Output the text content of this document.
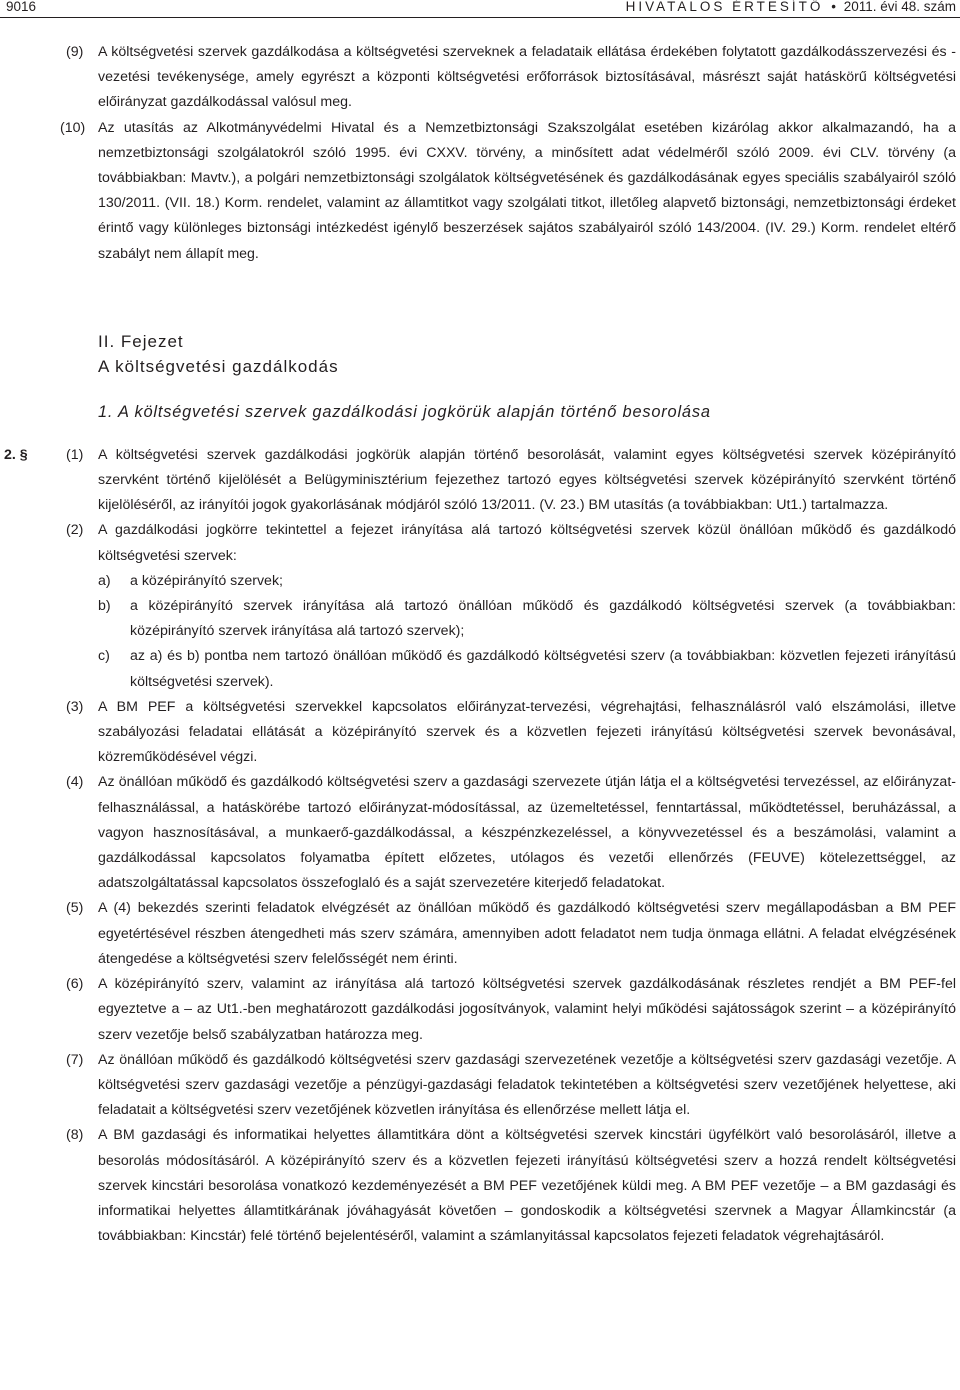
9016	HIVATALOS ÉRTESÍTŐ • 2011. évi 48. szám
(9) A költségvetési szervek gazdálkodása a költségvetési szerveknek a feladataik ellátása érdekében folytatott gazdálkodásszervezési és -vezetési tevékenysége, amely egyrészt a központi költségvetési erőforrások biztosításával, másrészt saját hatáskörű költségvetési előirányzat gazdálkodással valósul meg.
(10) Az utasítás az Alkotmányvédelmi Hivatal és a Nemzetbiztonsági Szakszolgálat esetében kizárólag akkor alkalmazandó, ha a nemzetbiztonsági szolgálatokról szóló 1995. évi CXXV. törvény, a minősített adat védelméről szóló 2009. évi CLV. törvény (a továbbiakban: Mavtv.), a polgári nemzetbiztonsági szolgálatok költségvetésének és gazdálkodásának egyes speciális szabályairól szóló 130/2011. (VII. 18.) Korm. rendelet, valamint az államtitkot vagy szolgálati titkot, illetőleg alapvető biztonsági, nemzetbiztonsági érdeket érintő vagy különleges biztonsági intézkedést igénylő beszerzések sajátos szabályairól szóló 143/2004. (IV. 29.) Korm. rendelet eltérő szabályt nem állapít meg.
II. Fejezet
A költségvetési gazdálkodás
1. A költségvetési szervek gazdálkodási jogkörük alapján történő besorolása
2. §	(1) A költségvetési szervek gazdálkodási jogkörük alapján történő besorolását, valamint egyes költségvetési szervek középirányító szervként történő kijelölését a Belügyminisztérium fejezethez tartozó egyes költségvetési szervek középirányító szervként történő kijelöléséről, az irányítói jogok gyakorlásának módjáról szóló 13/2011. (V. 23.) BM utasítás (a továbbiakban: Ut1.) tartalmazza.
(2) A gazdálkodási jogkörre tekintettel a fejezet irányítása alá tartozó költségvetési szervek közül önállóan működő és gazdálkodó költségvetési szervek:
a) a középirányító szervek;
b) a középirányító szervek irányítása alá tartozó önállóan működő és gazdálkodó költségvetési szervek (a továbbiakban: középirányító szervek irányítása alá tartozó szervek);
c) az a) és b) pontba nem tartozó önállóan működő és gazdálkodó költségvetési szerv (a továbbiakban: közvetlen fejezeti irányítású költségvetési szervek).
(3) A BM PEF a költségvetési szervekkel kapcsolatos előirányzat-tervezési, végrehajtási, felhasználásról való elszámolási, illetve szabályozási feladatai ellátását a középirányító szervek és a közvetlen fejezeti irányítású költségvetési szervek bevonásával, közreműködésével végzi.
(4) Az önállóan működő és gazdálkodó költségvetési szerv a gazdasági szervezete útján látja el a költségvetési tervezéssel, az előirányzat-felhasználással, a hatáskörébe tartozó előirányzat-módosítással, az üzemeltetéssel, fenntartással, működtetéssel, beruházással, a vagyon hasznosításával, a munkaerő-gazdálkodással, a készpénzkezeléssel, a könyvvezetéssel és a beszámolási, valamint a gazdálkodással kapcsolatos folyamatba épített előzetes, utólagos és vezetői ellenőrzés (FEUVE) kötelezettséggel, az adatszolgáltatással kapcsolatos összefoglaló és a saját szervezetére kiterjedő feladatokat.
(5) A (4) bekezdés szerinti feladatok elvégzését az önállóan működő és gazdálkodó költségvetési szerv megállapodásban a BM PEF egyetértésével részben átengedheti más szerv számára, amennyiben adott feladatot nem tudja önmaga ellátni. A feladat elvégzésének átengedése a költségvetési szerv felelősségét nem érinti.
(6) A középirányító szerv, valamint az irányítása alá tartozó költségvetési szervek gazdálkodásának részletes rendjét a BM PEF-fel egyeztetve a – az Ut1.-ben meghatározott gazdálkodási jogosítványok, valamint helyi működési sajátosságok szerint – a középirányító szerv vezetője belső szabályzatban határozza meg.
(7) Az önállóan működő és gazdálkodó költségvetési szerv gazdasági szervezetének vezetője a költségvetési szerv gazdasági vezetője. A költségvetési szerv gazdasági vezetője a pénzügyi-gazdasági feladatok tekintetében a költségvetési szerv vezetőjének helyettese, aki feladatait a költségvetési szerv vezetőjének közvetlen irányítása és ellenőrzése mellett látja el.
(8) A BM gazdasági és informatikai helyettes államtitkára dönt a költségvetési szervek kincstári ügyfélkört való besorolásáról, illetve a besorolás módosításáról. A középirányító szerv és a közvetlen fejezeti irányítású költségvetési szerv a hozzá rendelt költségvetési szervek kincstári besorolása vonatkozó kezdeményezését a BM PEF vezetőjének küldi meg. A BM PEF vezetője – a BM gazdasági és informatikai helyettes államtitkárának jóváhagyását követően – gondoskodik a költségvetési szervnek a Magyar Államkincstár (a továbbiakban: Kincstár) felé történő bejelentéséről, valamint a számlanyitással kapcsolatos fejezeti feladatok végrehajtásáról.
